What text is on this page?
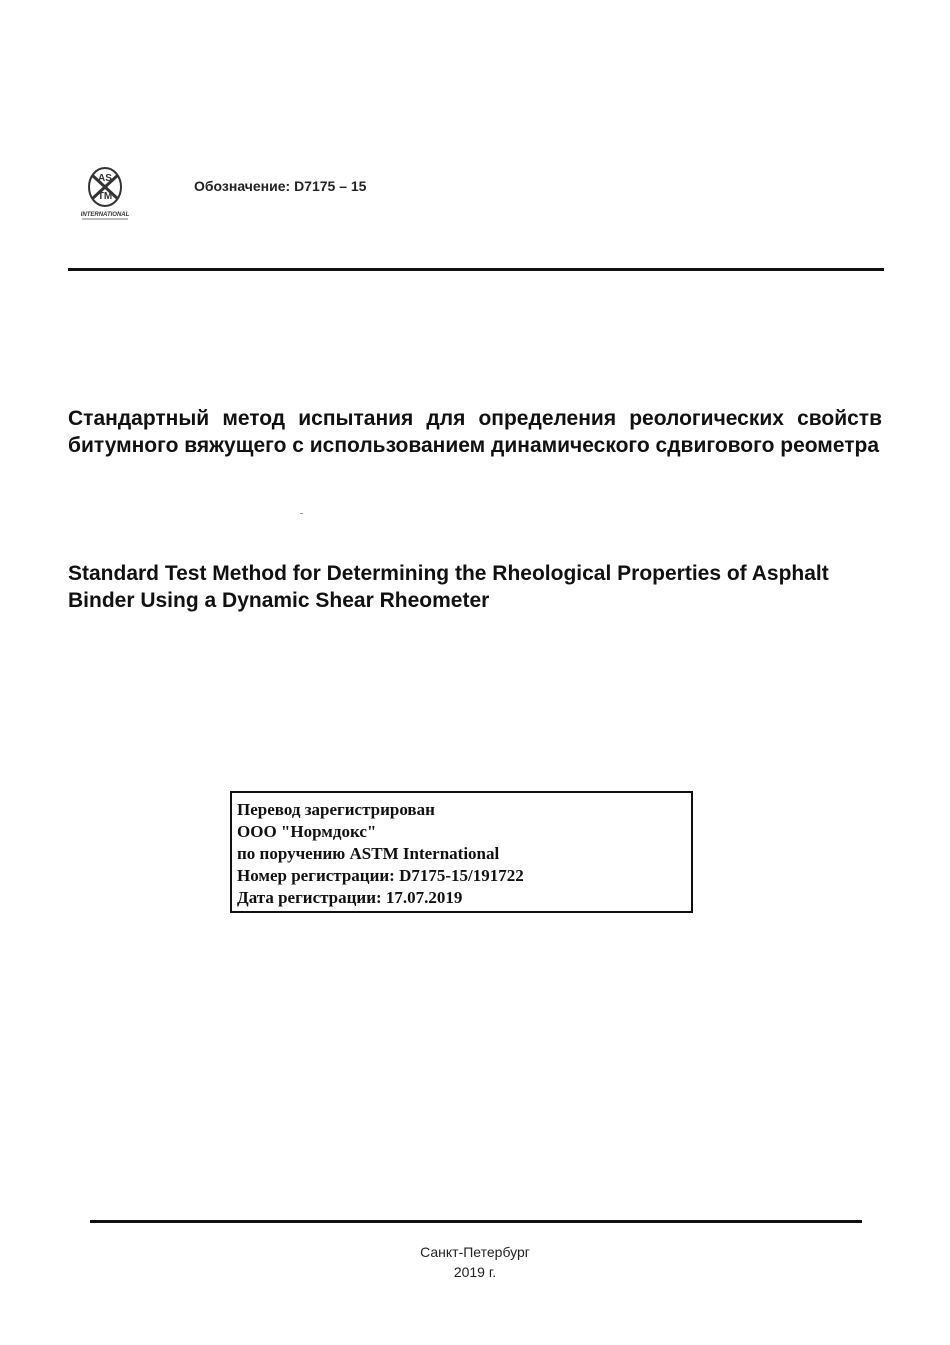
AS
TM
INTERNATIONAL
Обозначение: D7175 – 15
Стандартный метод испытания для определения реологических свойств битумного вяжущего с использованием динамического сдвигового реометра
Standard Test Method for Determining the Rheological Properties of Asphalt Binder Using a Dynamic Shear Rheometer
Перевод зарегистрирован
ООО "Нормдокс"
по поручению ASTM International
Номер регистрации: D7175-15/191722
Дата регистрации: 17.07.2019
Санкт-Петербург
2019 г.
